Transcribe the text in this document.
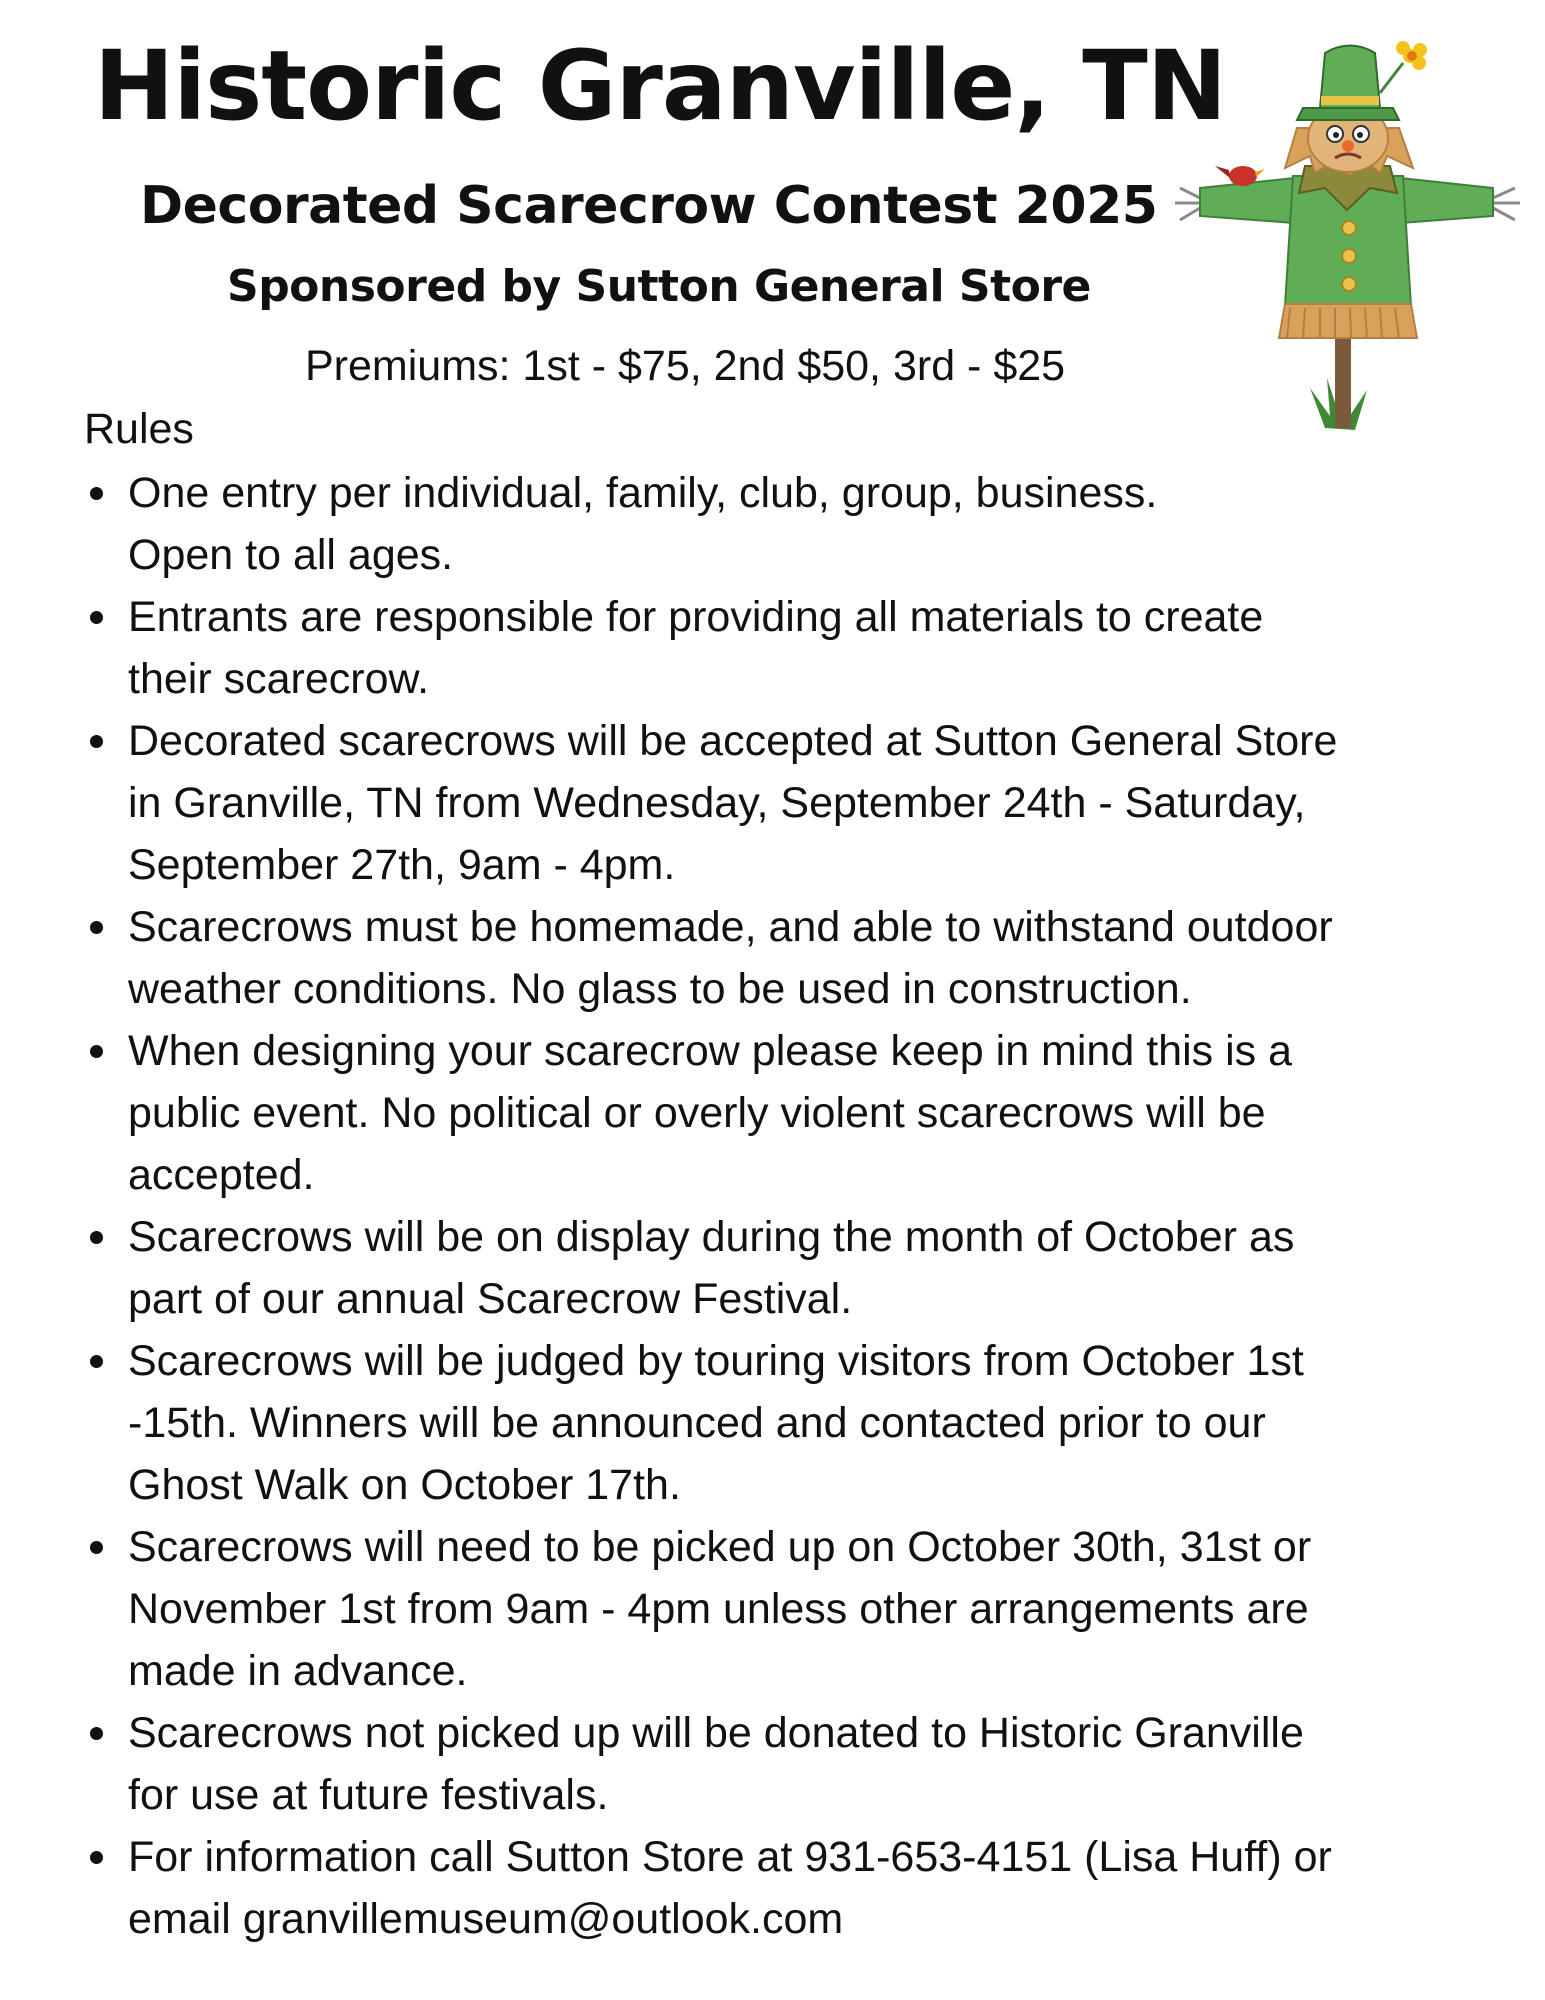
Historic Granville, TN
Decorated Scarecrow Contest 2025
Sponsored by Sutton General Store

Premiums: 1st - $75, 2nd $50, 3rd - $25

Rules

One entry per individual, family, club, group, business.
Open to all ages.
Entrants are responsible for providing all materials to create
their scarecrow.
Decorated scarecrows will be accepted at Sutton General Store
in Granville, TN from Wednesday, September 24th - Saturday,
September 27th, 9am - 4pm.
Scarecrows must be homemade, and able to withstand outdoor
weather conditions. No glass to be used in construction.
When designing your scarecrow please keep in mind this is a
public event. No political or overly violent scarecrows will be
accepted.
Scarecrows will be on display during the month of October as
part of our annual Scarecrow Festival.
Scarecrows will be judged by touring visitors from October 1st
-15th. Winners will be announced and contacted prior to our
Ghost Walk on October 17th.
Scarecrows will need to be picked up on October 30th, 31st or
November 1st from 9am - 4pm unless other arrangements are
made in advance.
Scarecrows not picked up will be donated to Historic Granville
for use at future festivals.
For information call Sutton Store at 931-653-4151 (Lisa Huff) or
email granvillemuseum@outlook.com
